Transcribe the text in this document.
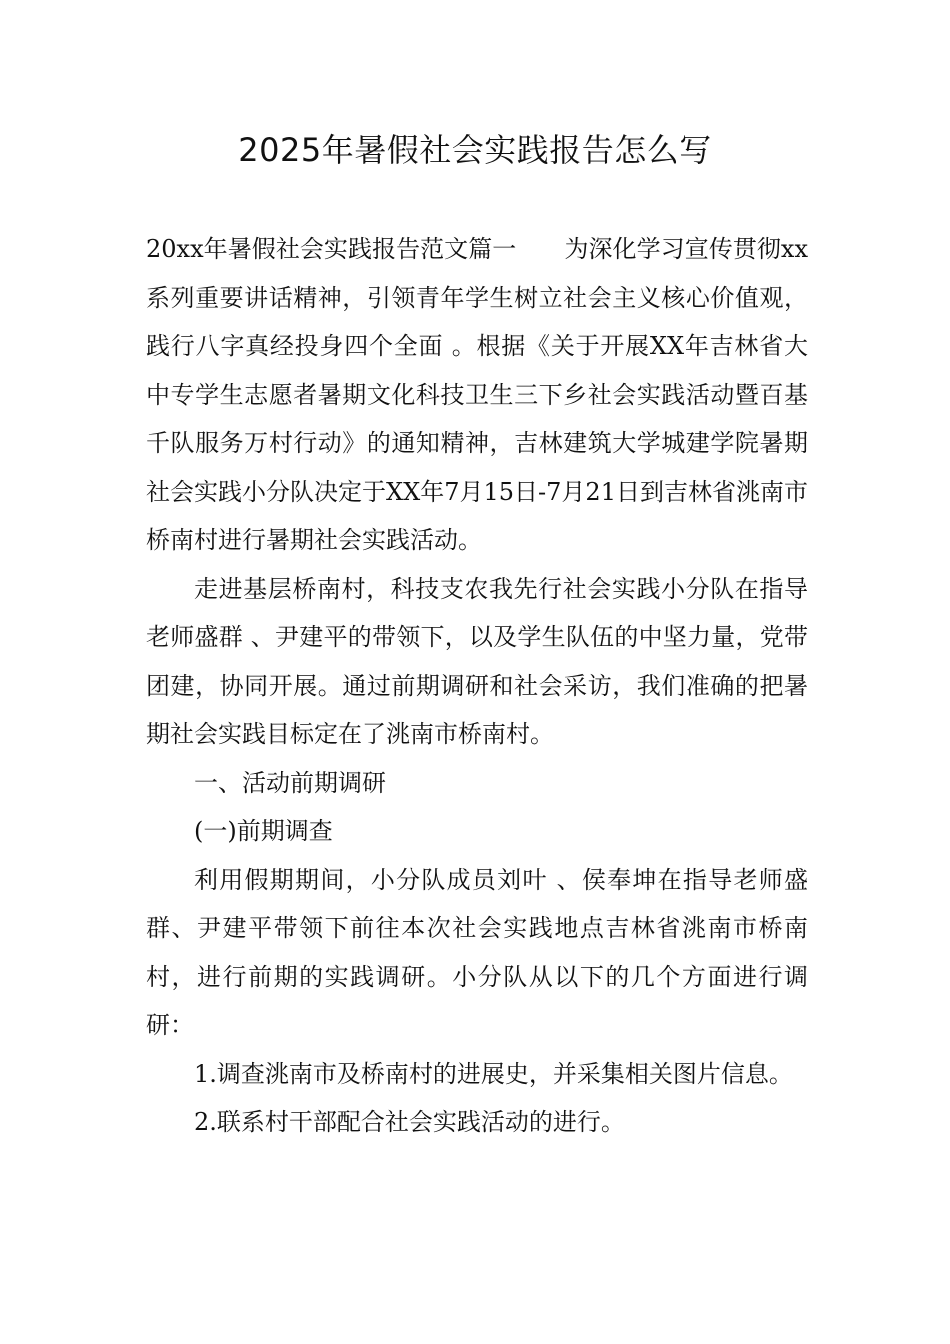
2025年暑假社会实践报告怎么写

20xx年暑假社会实践报告范文篇一　　为深化学习宣传贯彻xx系列重要讲话精神，引领青年学生树立社会主义核心价值观，践行八字真经投身四个全面 。根据《关于开展XX年吉林省大中专学生志愿者暑期文化科技卫生三下乡社会实践活动暨百基千队服务万村行动》的通知精神，吉林建筑大学城建学院暑期社会实践小分队决定于XX年7月15日-7月21日到吉林省洮南市桥南村进行暑期社会实践活动。

走进基层桥南村，科技支农我先行社会实践小分队在指导老师盛群 、尹建平的带领下，以及学生队伍的中坚力量，党带团建，协同开展。通过前期调研和社会采访，我们准确的把暑期社会实践目标定在了洮南市桥南村。

一、活动前期调研

(一)前期调查

利用假期期间，小分队成员刘叶 、侯奉坤在指导老师盛群、尹建平带领下前往本次社会实践地点吉林省洮南市桥南村，进行前期的实践调研。小分队从以下的几个方面进行调研：

1.调查洮南市及桥南村的进展史，并采集相关图片信息。

2.联系村干部配合社会实践活动的进行。
